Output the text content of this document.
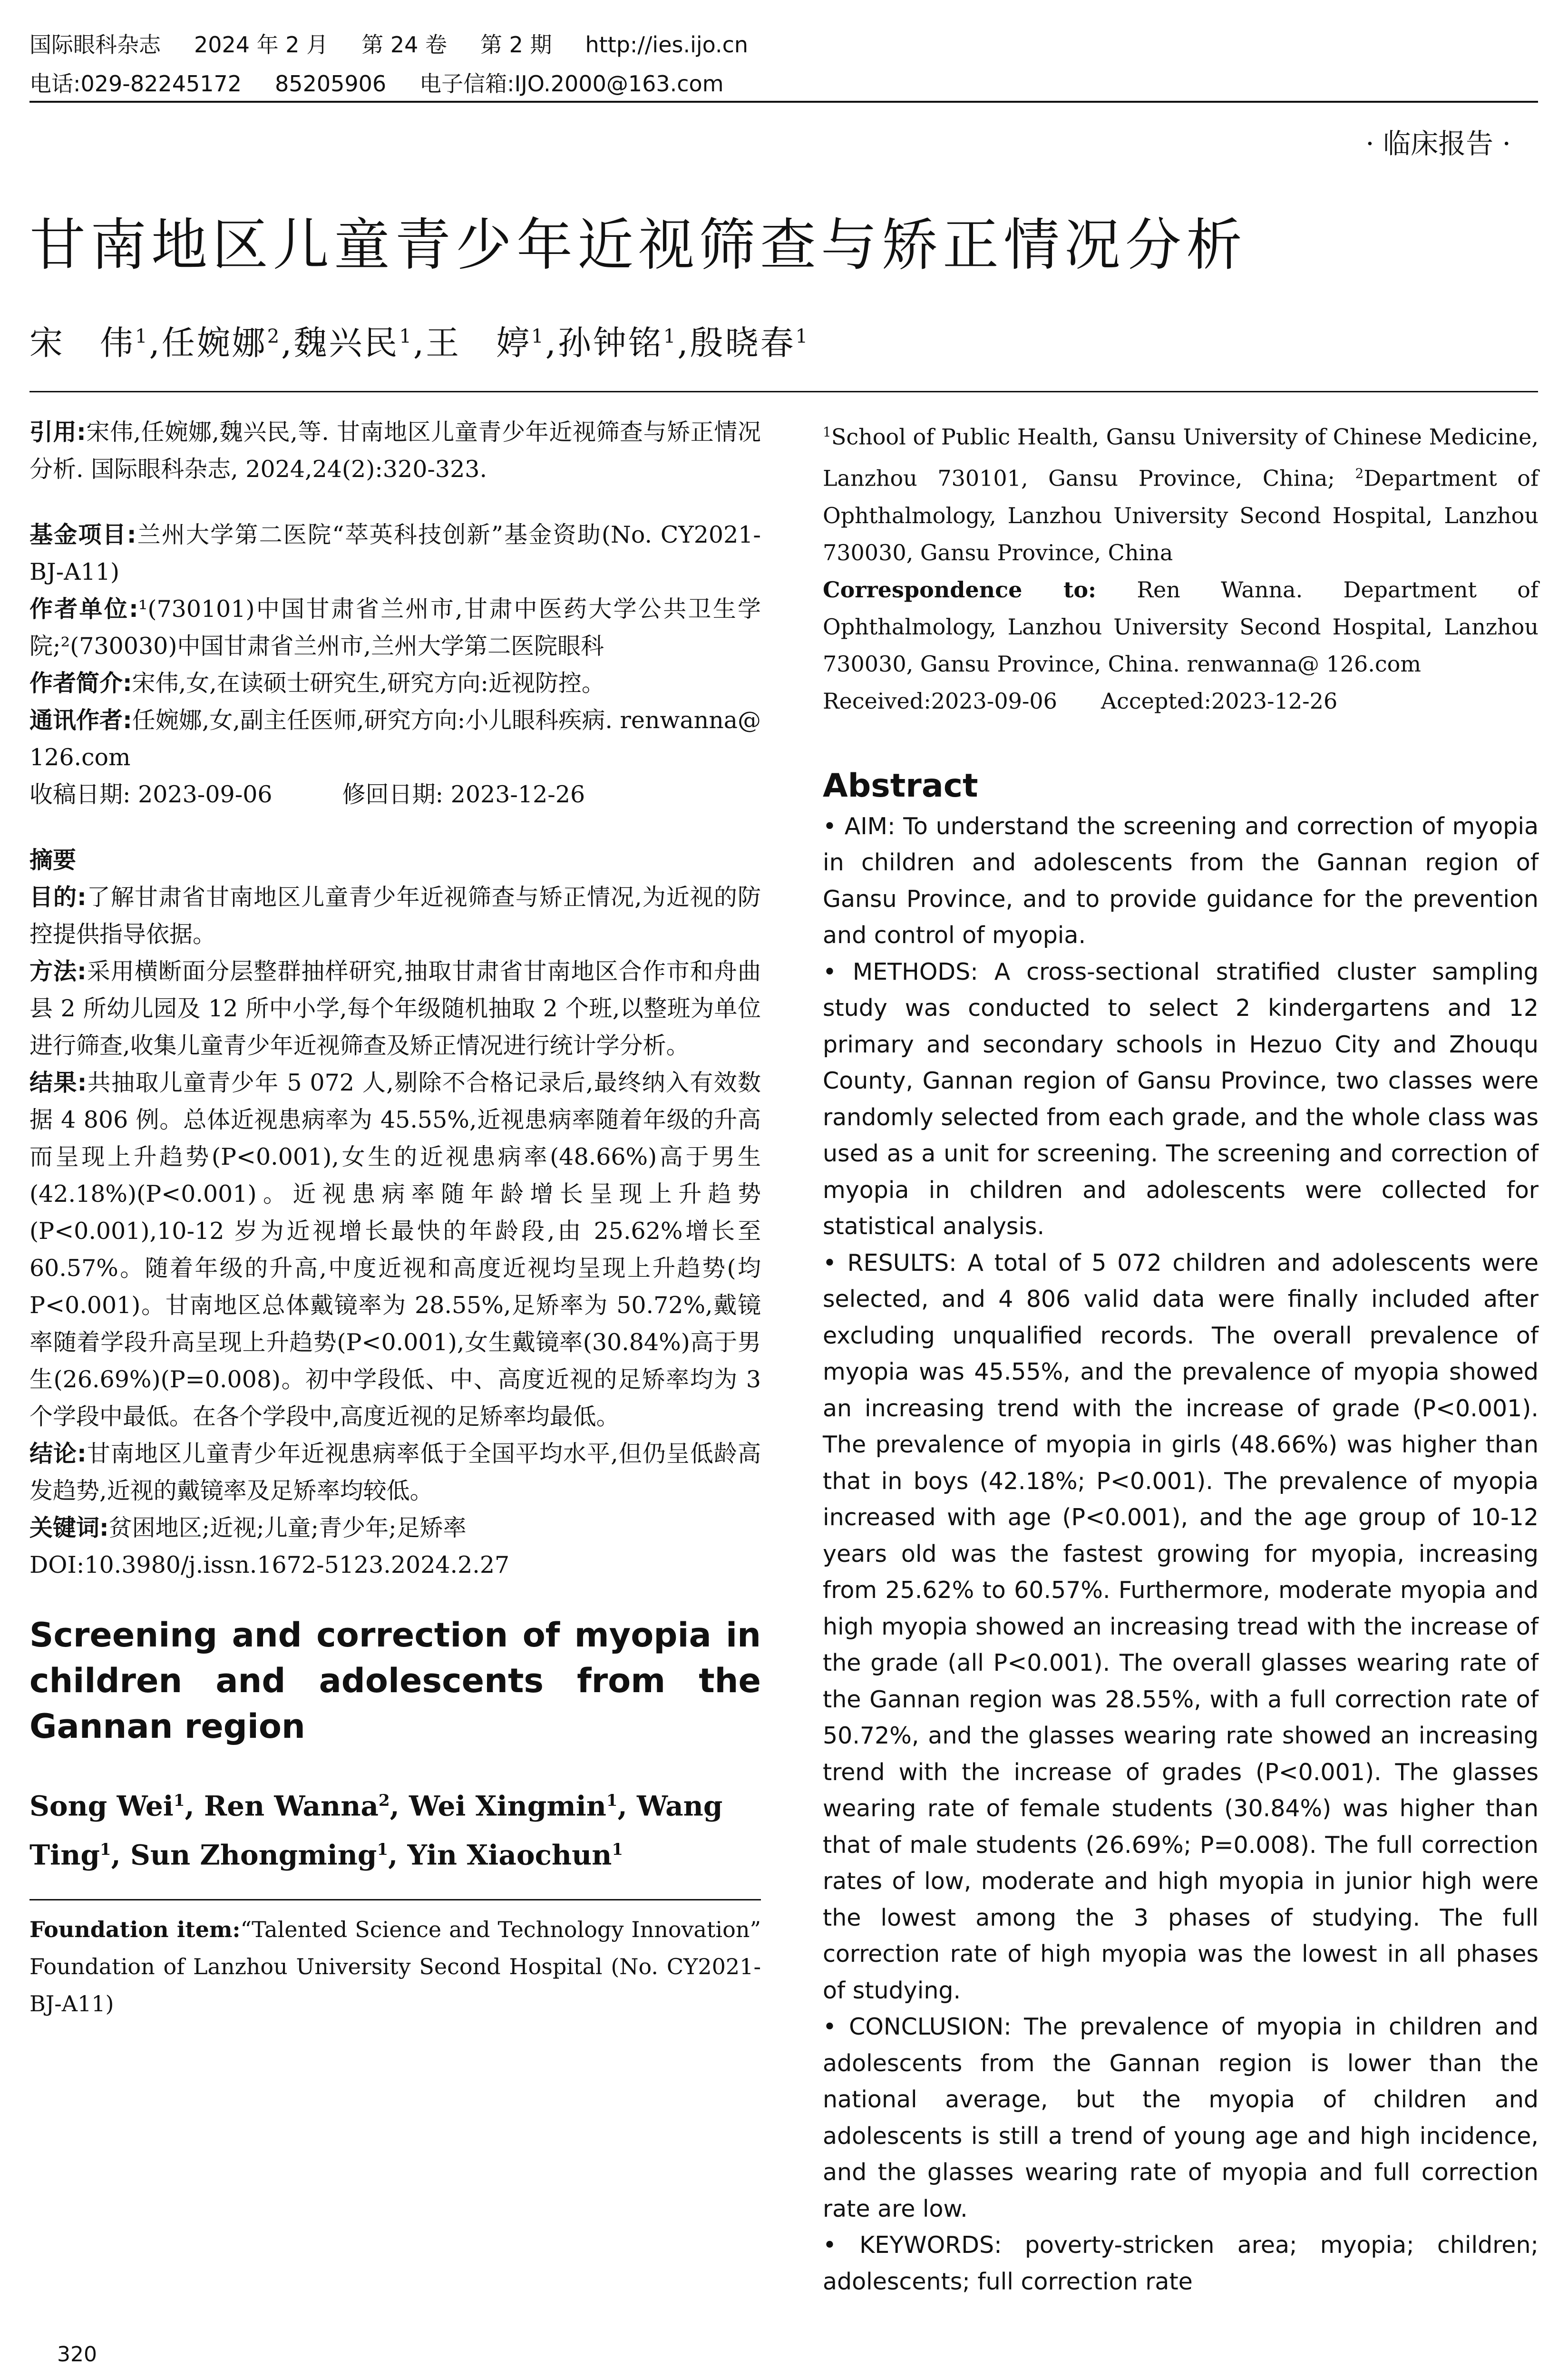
国际眼科杂志 2024 年 2 月 第 24 卷 第 2 期 http://ies.ijo.cn
电话:029-82245172 85205906 电子信箱:IJO.2000@163.com
· 临床报告 ·
甘南地区儿童青少年近视筛查与矫正情况分析
宋　伟$^1$,任婉娜$^2$,魏兴民$^1$,王　婷$^1$,孙钟铭$^1$,殷晓春$^1$

引用:宋伟,任婉娜,魏兴民,等. 甘南地区儿童青少年近视筛查与矫正情况分析. 国际眼科杂志, 2024,24(2):320-323.

基金项目:兰州大学第二医院“萃英科技创新”基金资助(No. CY2021-BJ-A11)

作者单位:¹(730101)中国甘肃省兰州市,甘肃中医药大学公共卫生学院;²(730030)中国甘肃省兰州市,兰州大学第二医院眼科

作者简介:宋伟,女,在读硕士研究生,研究方向:近视防控。

通讯作者:任婉娜,女,副主任医师,研究方向:小儿眼科疾病. renwanna@ 126.com

收稿日期: 2023-09-06　　　修回日期: 2023-12-26

摘要

目的:了解甘肃省甘南地区儿童青少年近视筛查与矫正情况,为近视的防控提供指导依据。

方法:采用横断面分层整群抽样研究,抽取甘肃省甘南地区合作市和舟曲县 2 所幼儿园及 12 所中小学,每个年级随机抽取 2 个班,以整班为单位进行筛查,收集儿童青少年近视筛查及矫正情况进行统计学分析。

结果:共抽取儿童青少年 5 072 人,剔除不合格记录后,最终纳入有效数据 4 806 例。总体近视患病率为 45.55%,近视患病率随着年级的升高而呈现上升趋势(P<0.001),女生的近视患病率(48.66%)高于男生(42.18%)(P<0.001)。近视患病率随年龄增长呈现上升趋势(P<0.001),10-12 岁为近视增长最快的年龄段,由 25.62%增长至 60.57%。随着年级的升高,中度近视和高度近视均呈现上升趋势(均 P<0.001)。甘南地区总体戴镜率为 28.55%,足矫率为 50.72%,戴镜率随着学段升高呈现上升趋势(P<0.001),女生戴镜率(30.84%)高于男生(26.69%)(P=0.008)。初中学段低、中、高度近视的足矫率均为 3 个学段中最低。在各个学段中,高度近视的足矫率均最低。

结论:甘南地区儿童青少年近视患病率低于全国平均水平,但仍呈低龄高发趋势,近视的戴镜率及足矫率均较低。

关键词:贫困地区;近视;儿童;青少年;足矫率

DOI:10.3980/j.issn.1672-5123.2024.2.27

Screening and correction of myopia in children and adolescents from the Gannan region
Song Wei$^1$, Ren Wanna$^2$, Wei Xingmin$^1$, Wang Ting$^1$, Sun Zhongming$^1$, Yin Xiaochun$^1$
Foundation item:“Talented Science and Technology Innovation” Foundation of Lanzhou University Second Hospital (No. CY2021-BJ-A11)

$^1$School of Public Health, Gansu University of Chinese Medicine, Lanzhou 730101, Gansu Province, China; $^2$Department of Ophthalmology, Lanzhou University Second Hospital, Lanzhou 730030, Gansu Province, China

Correspondence to: Ren Wanna. Department of Ophthalmology, Lanzhou University Second Hospital, Lanzhou 730030, Gansu Province, China. renwanna@ 126.com

Received:2023-09-06　　Accepted:2023-12-26

Abstract

• AIM: To understand the screening and correction of myopia in children and adolescents from the Gannan region of Gansu Province, and to provide guidance for the prevention and control of myopia.

• METHODS: A cross-sectional stratified cluster sampling study was conducted to select 2 kindergartens and 12 primary and secondary schools in Hezuo City and Zhouqu County, Gannan region of Gansu Province, two classes were randomly selected from each grade, and the whole class was used as a unit for screening. The screening and correction of myopia in children and adolescents were collected for statistical analysis.

• RESULTS: A total of 5 072 children and adolescents were selected, and 4 806 valid data were finally included after excluding unqualified records. The overall prevalence of myopia was 45.55%, and the prevalence of myopia showed an increasing trend with the increase of grade (P<0.001). The prevalence of myopia in girls (48.66%) was higher than that in boys (42.18%; P<0.001). The prevalence of myopia increased with age (P<0.001), and the age group of 10-12 years old was the fastest growing for myopia, increasing from 25.62% to 60.57%. Furthermore, moderate myopia and high myopia showed an increasing tread with the increase of the grade (all P<0.001). The overall glasses wearing rate of the Gannan region was 28.55%, with a full correction rate of 50.72%, and the glasses wearing rate showed an increasing trend with the increase of grades (P<0.001). The glasses wearing rate of female students (30.84%) was higher than that of male students (26.69%; P=0.008). The full correction rates of low, moderate and high myopia in junior high were the lowest among the 3 phases of studying. The full correction rate of high myopia was the lowest in all phases of studying.

• CONCLUSION: The prevalence of myopia in children and adolescents from the Gannan region is lower than the national average, but the myopia of children and adolescents is still a trend of young age and high incidence, and the glasses wearing rate of myopia and full correction rate are low.

• KEYWORDS: poverty-stricken area; myopia; children; adolescents; full correction rate

320
